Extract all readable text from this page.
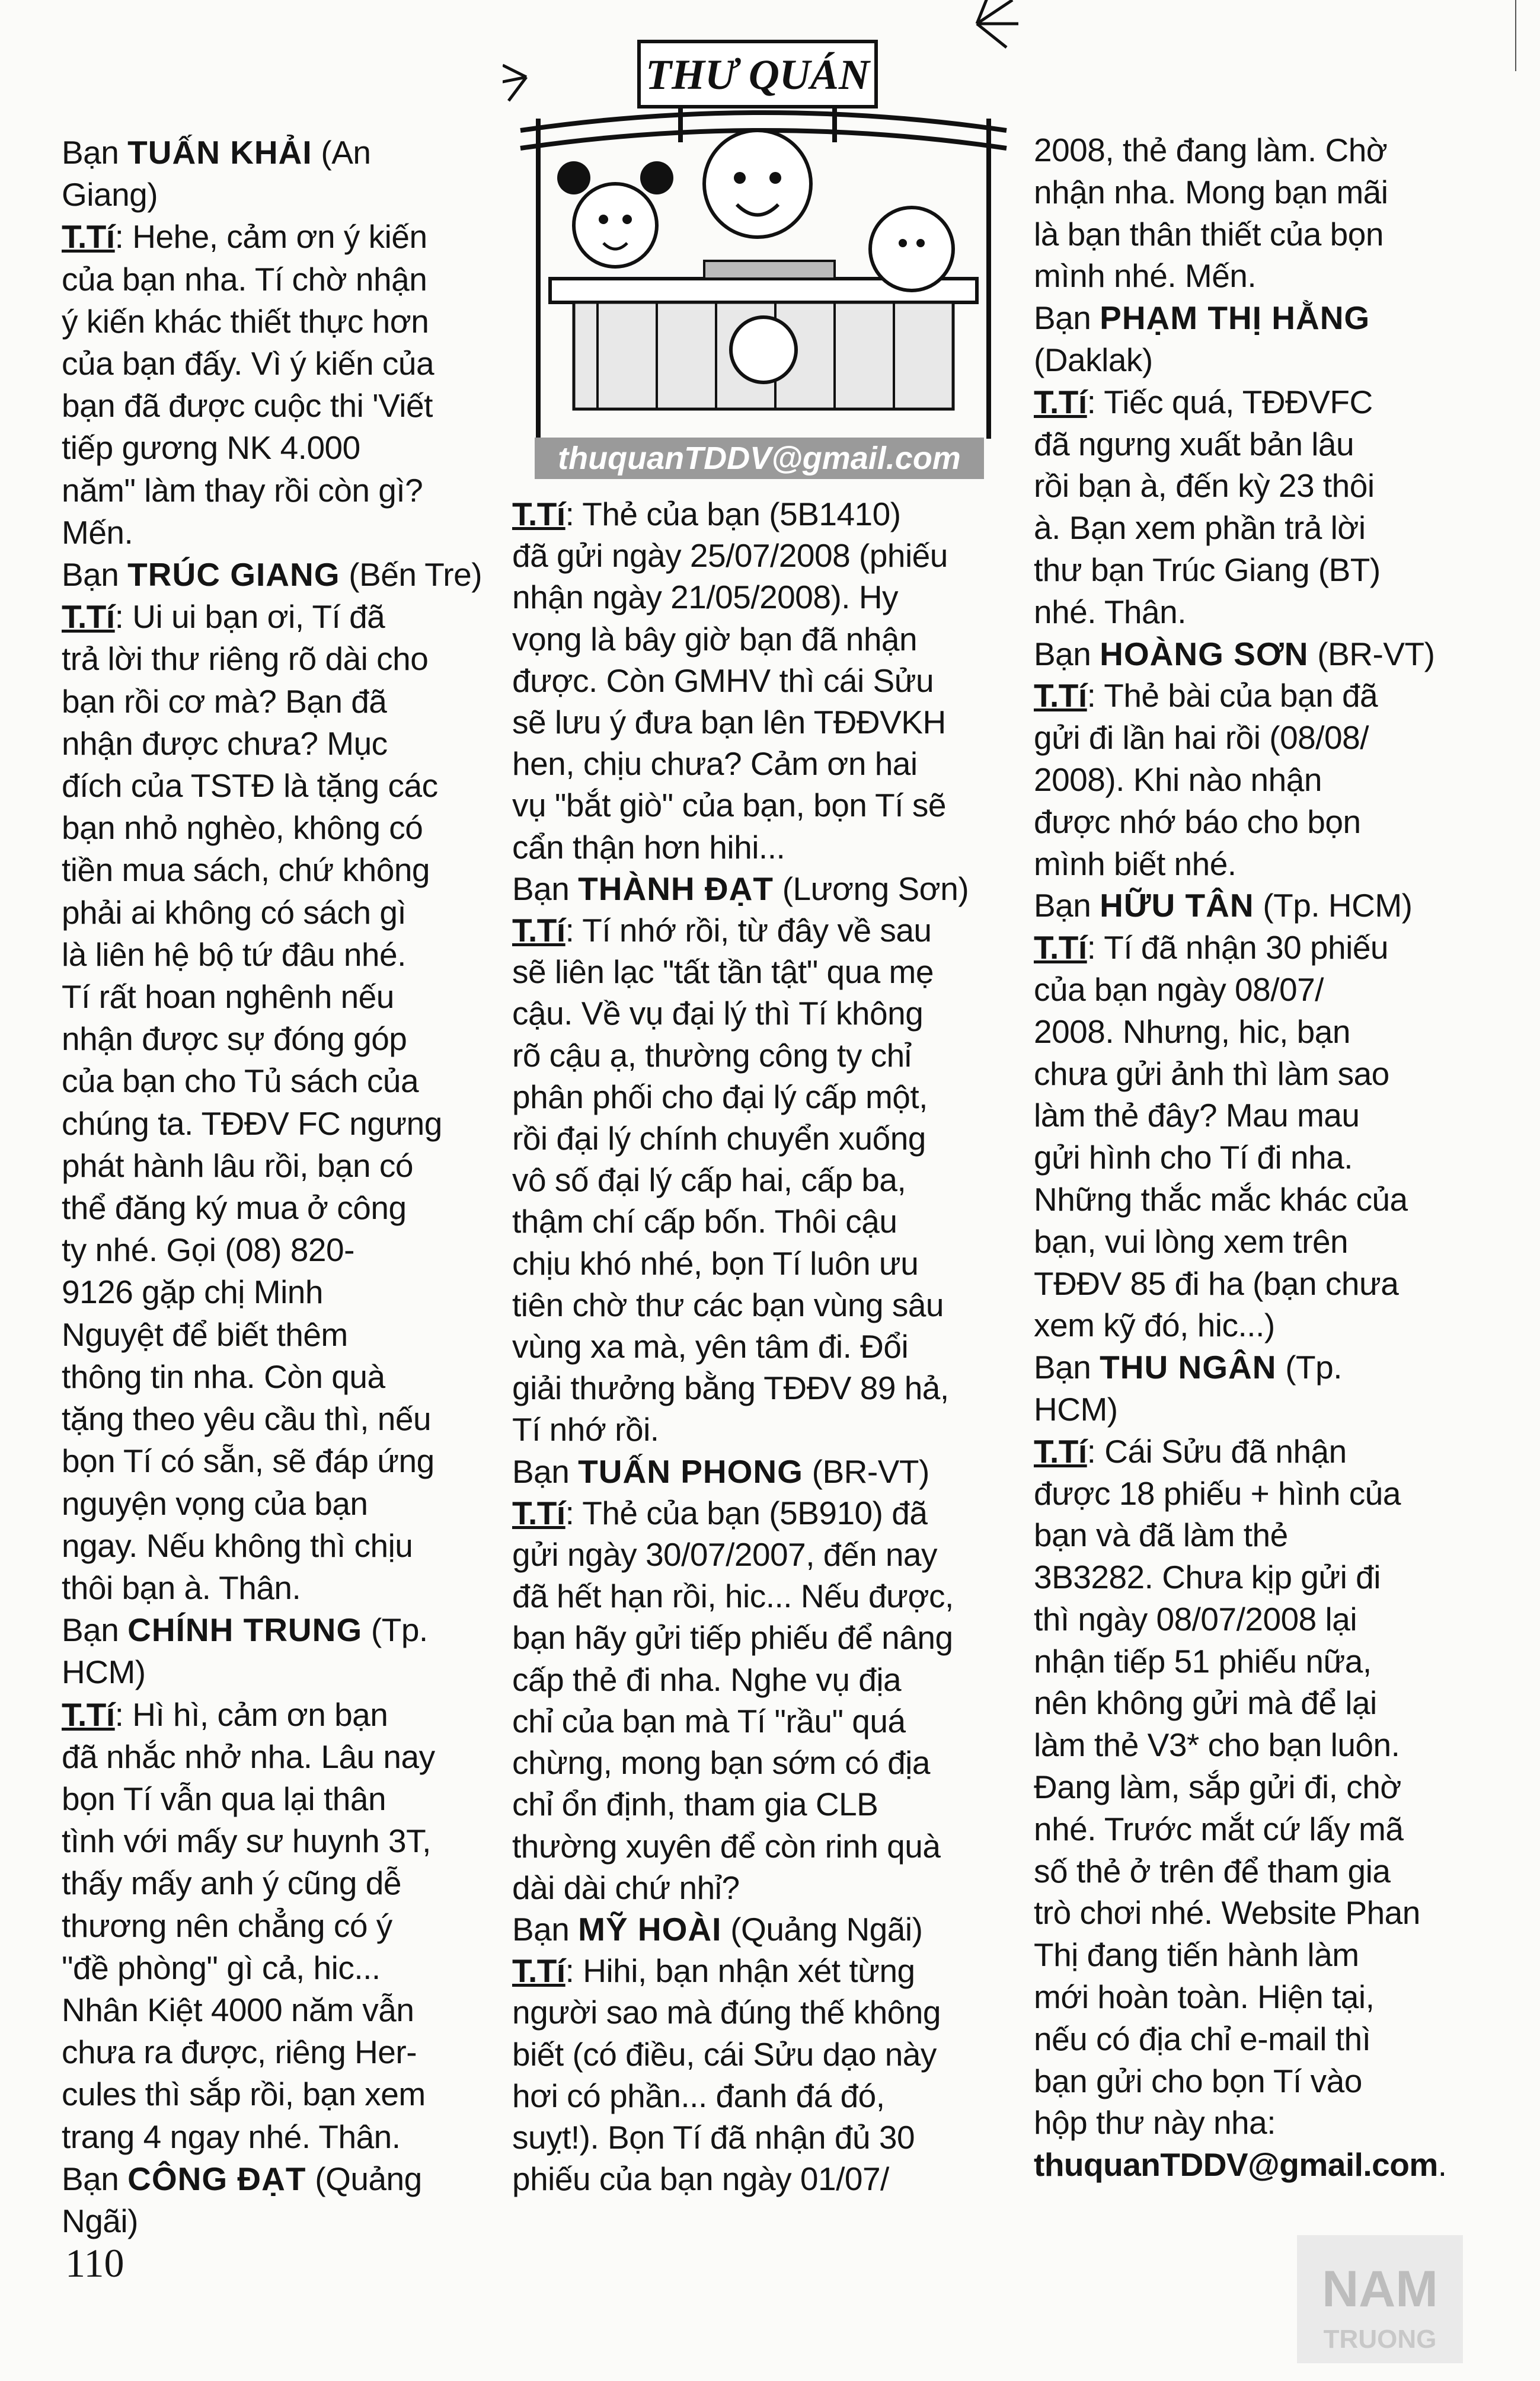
Bạn TUẤN KHẢI (An

Giang)

T.Tí: Hehe, cảm ơn ý kiến

của bạn nha. Tí chờ nhận

ý kiến khác thiết thực hơn

của bạn đấy. Vì ý kiến của

bạn đã được cuộc thi 'Viết

tiếp gương NK 4.000

năm" làm thay rồi còn gì?

Mến.

Bạn TRÚC GIANG (Bến Tre)

T.Tí: Ui ui bạn ơi, Tí đã

trả lời thư riêng rõ dài cho

bạn rồi cơ mà? Bạn đã

nhận được chưa? Mục

đích của TSTĐ là tặng các

bạn nhỏ nghèo, không có

tiền mua sách, chứ không

phải ai không có sách gì

là liên hệ bộ tứ đâu nhé.

Tí rất hoan nghênh nếu

nhận được sự đóng góp

của bạn cho Tủ sách của

chúng ta. TĐĐV FC ngưng

phát hành lâu rồi, bạn có

thể đăng ký mua ở công

ty nhé. Gọi (08) 820-

9126 gặp chị Minh

Nguyệt để biết thêm

thông tin nha. Còn quà

tặng theo yêu cầu thì, nếu

bọn Tí có sẵn, sẽ đáp ứng

nguyện vọng của bạn

ngay. Nếu không thì chịu

thôi bạn à. Thân.

Bạn CHÍNH TRUNG (Tp.

HCM)

T.Tí: Hì hì, cảm ơn bạn

đã nhắc nhở nha. Lâu nay

bọn Tí vẫn qua lại thân

tình với mấy sư huynh 3T,

thấy mấy anh ý cũng dễ

thương nên chẳng có ý

"đề phòng" gì cả, hic...

Nhân Kiệt 4000 năm vẫn

chưa ra được, riêng Her-

cules thì sắp rồi, bạn xem

trang 4 ngay nhé. Thân.

Bạn CÔNG ĐẠT (Quảng

Ngãi)

THƯ QUÁN
thuquanTDDV@gmail.com

T.Tí: Thẻ của bạn (5B1410)

đã gửi ngày 25/07/2008 (phiếu

nhận ngày 21/05/2008). Hy

vọng là bây giờ bạn đã nhận

được. Còn GMHV thì cái Sửu

sẽ lưu ý đưa bạn lên TĐĐVKH

hen, chịu chưa? Cảm ơn hai

vụ "bắt giò" của bạn, bọn Tí sẽ

cẩn thận hơn hihi...

Bạn THÀNH ĐẠT (Lương Sơn)

T.Tí: Tí nhớ rồi, từ đây về sau

sẽ liên lạc "tất tần tật" qua mẹ

cậu. Về vụ đại lý thì Tí không

rõ cậu ạ, thường công ty chỉ

phân phối cho đại lý cấp một,

rồi đại lý chính chuyển xuống

vô số đại lý cấp hai, cấp ba,

thậm chí cấp bốn. Thôi cậu

chịu khó nhé, bọn Tí luôn ưu

tiên chờ thư các bạn vùng sâu

vùng xa mà, yên tâm đi. Đổi

giải thưởng bằng TĐĐV 89 hả,

Tí nhớ rồi.

Bạn TUẤN PHONG (BR-VT)

T.Tí: Thẻ của bạn (5B910) đã

gửi ngày 30/07/2007, đến nay

đã hết hạn rồi, hic... Nếu được,

bạn hãy gửi tiếp phiếu để nâng

cấp thẻ đi nha. Nghe vụ địa

chỉ của bạn mà Tí "rầu" quá

chừng, mong bạn sớm có địa

chỉ ổn định, tham gia CLB

thường xuyên để còn rinh quà

dài dài chứ nhỉ?

Bạn MỸ HOÀI (Quảng Ngãi)

T.Tí: Hihi, bạn nhận xét từng

người sao mà đúng thế không

biết (có điều, cái Sửu dạo này

hơi có phần... đanh đá đó,

suỵt!). Bọn Tí đã nhận đủ 30

phiếu của bạn ngày 01/07/

2008, thẻ đang làm. Chờ

nhận nha. Mong bạn mãi

là bạn thân thiết của bọn

mình nhé. Mến.

Bạn PHẠM THỊ HẰNG

(Daklak)

T.Tí: Tiếc quá, TĐĐVFC

đã ngưng xuất bản lâu

rồi bạn à, đến kỳ 23 thôi

à. Bạn xem phần trả lời

thư bạn Trúc Giang (BT)

nhé. Thân.

Bạn HOÀNG SƠN (BR-VT)

T.Tí: Thẻ bài của bạn đã

gửi đi lần hai rồi (08/08/

2008). Khi nào nhận

được nhớ báo cho bọn

mình biết nhé.

Bạn HỮU TÂN (Tp. HCM)

T.Tí: Tí đã nhận 30 phiếu

của bạn ngày 08/07/

2008. Nhưng, hic, bạn

chưa gửi ảnh thì làm sao

làm thẻ đây? Mau mau

gửi hình cho Tí đi nha.

Những thắc mắc khác của

bạn, vui lòng xem trên

TĐĐV 85 đi ha (bạn chưa

xem kỹ đó, hic...)

Bạn THU NGÂN (Tp.

HCM)

T.Tí: Cái Sửu đã nhận

được 18 phiếu + hình của

bạn và đã làm thẻ

3B3282. Chưa kịp gửi đi

thì ngày 08/07/2008 lại

nhận tiếp 51 phiếu nữa,

nên không gửi mà để lại

làm thẻ V3* cho bạn luôn.

Đang làm, sắp gửi đi, chờ

nhé. Trước mắt cứ lấy mã

số thẻ ở trên để tham gia

trò chơi nhé. Website Phan

Thị đang tiến hành làm

mới hoàn toàn. Hiện tại,

nếu có địa chỉ e-mail thì

bạn gửi cho bọn Tí vào

hộp thư này nha:

thuquanTDDV@gmail.com.

110	NAM
TRUONG
